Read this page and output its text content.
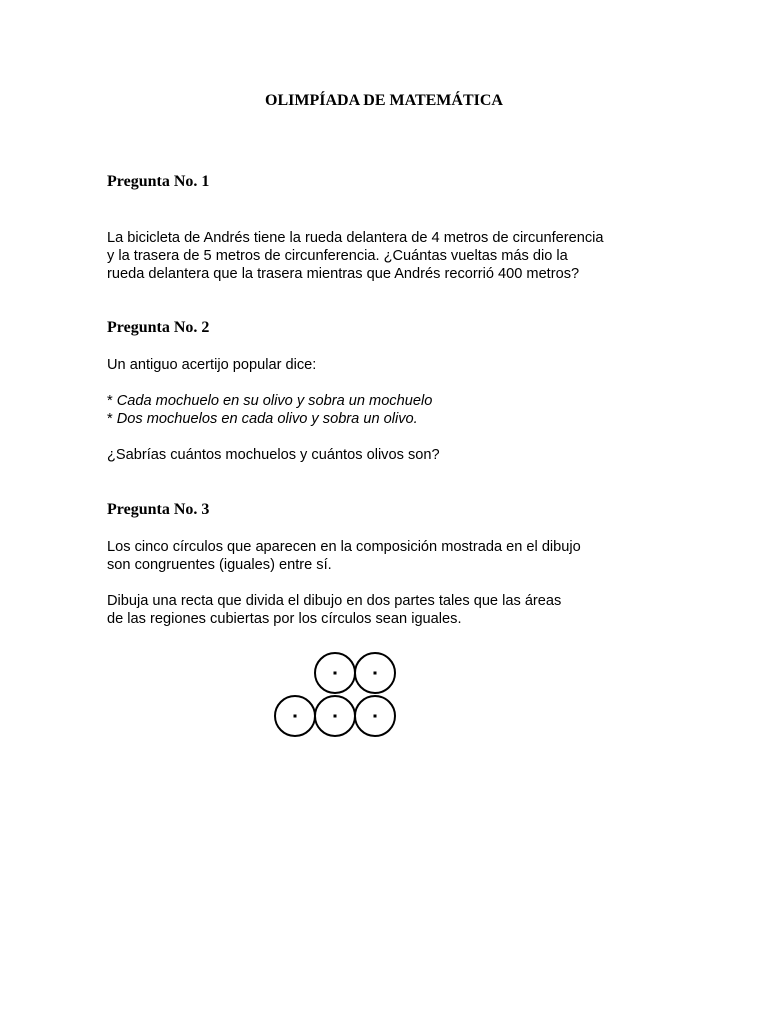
OLIMPÍADA DE MATEMÁTICA
Pregunta No. 1

La bicicleta de Andrés tiene la rueda delantera de 4 metros de circunferencia
y la trasera de 5 metros de circunferencia. ¿Cuántas vueltas más dio la
rueda delantera que la trasera mientras que Andrés recorrió 400 metros?

Pregunta No. 2

Un antiguo acertijo popular dice:

* Cada mochuelo en su olivo y sobra un mochuelo
* Dos mochuelos en cada olivo y sobra un olivo.

¿Sabrías cuántos mochuelos y cuántos olivos son?

Pregunta No. 3

Los cinco círculos que aparecen en la composición mostrada en el dibujo
son congruentes (iguales) entre sí.

Dibuja una recta que divida el dibujo en dos partes tales que las áreas
de las regiones cubiertas por los círculos sean iguales.
